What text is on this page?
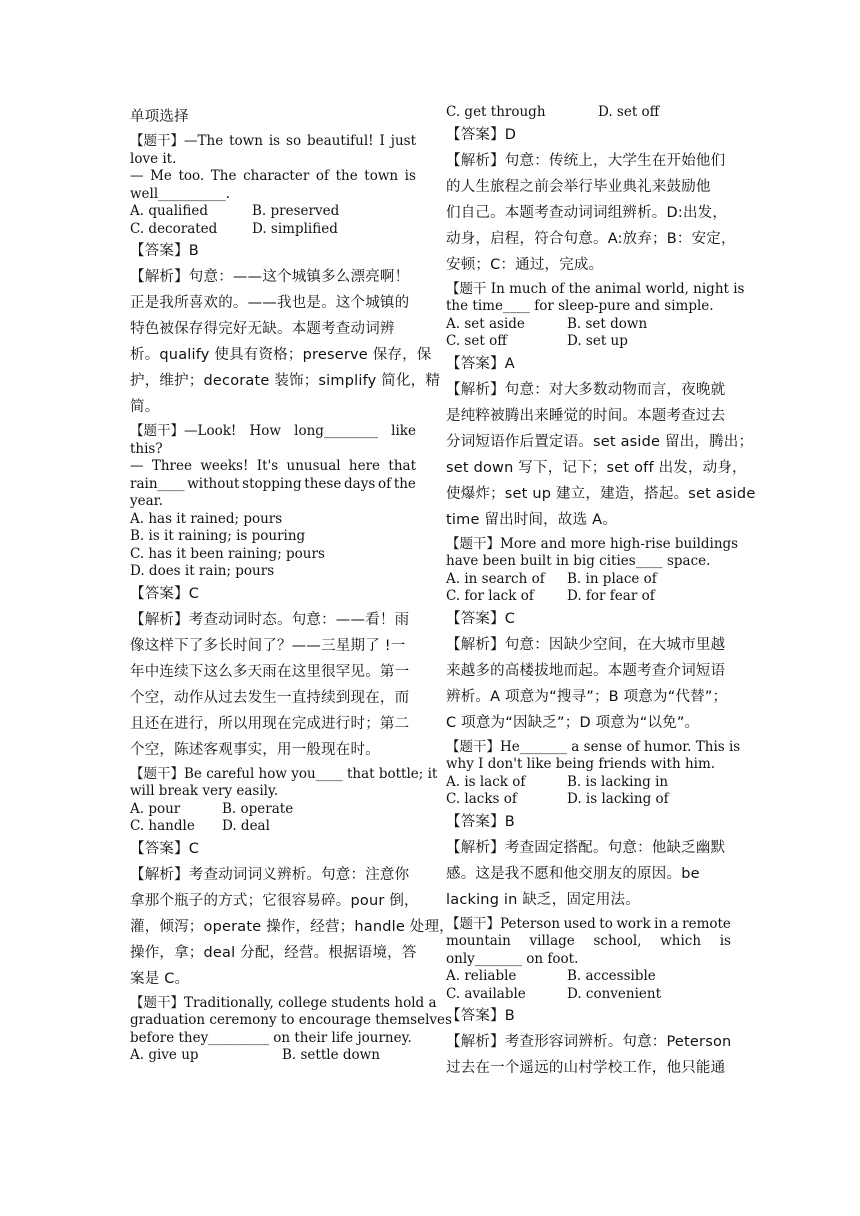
单项选择
【题干】—The town is so beautiful! I just
love it.
— Me too. The character of the town is
well__________.
A. qualified	B. preserved
C. decorated	D. simplified
【答案】B
【解析】句意：——这个城镇多么漂亮啊！
正是我所喜欢的。——我也是。这个城镇的
特色被保存得完好无缺。本题考查动词辨
析。qualify 使具有资格；preserve 保存，保
护，维护；decorate 装饰；simplify 简化，精
简。
【题干】—Look! How long________ like
this?
— Three weeks! It's unusual here that
rain____ without stopping these days of the
year.
A. has it rained; pours
B. is it raining; is pouring
C. has it been raining; pours
D. does it rain; pours
【答案】C
【解析】考查动词时态。句意：——看！雨
像这样下了多长时间了？——三星期了 !一
年中连续下这么多天雨在这里很罕见。第一
个空，动作从过去发生一直持续到现在，而
且还在进行，所以用现在完成进行时；第二
个空，陈述客观事实，用一般现在时。
【题干】Be careful how you____ that bottle; it
will break very easily.
A. pour	B. operate
C. handle	D. deal
【答案】C
【解析】考查动词词义辨析。句意：注意你
拿那个瓶子的方式；它很容易碎。pour 倒，
灌，倾泻；operate 操作，经营；handle 处理，
操作，拿；deal 分配，经营。根据语境，答
案是 C。
【题干】Traditionally, college students hold a
graduation ceremony to encourage themselves
before they_________ on their life journey.
A. give up	B. settle down
C. get through	D. set off
【答案】D
【解析】句意：传统上，大学生在开始他们
的人生旅程之前会举行毕业典礼来鼓励他
们自己。本题考查动词词组辨析。D:出发，
动身，启程，符合句意。A:放弃；B：安定，
安顿；C：通过，完成。
【题干 In much of the animal world, night is
the time____ for sleep-pure and simple.
A. set aside	B. set down
C. set off	D. set up
【答案】A
【解析】句意：对大多数动物而言，夜晚就
是纯粹被腾出来睡觉的时间。本题考查过去
分词短语作后置定语。set aside 留出，腾出；
set down 写下，记下；set off 出发，动身，
使爆炸；set up 建立，建造，搭起。set aside
time 留出时间，故选 A。
【题干】More and more high-rise buildings
have been built in big cities____ space.
A. in search of	B. in place of
C. for lack of	D. for fear of
【答案】C
【解析】句意：因缺少空间，在大城市里越
来越多的高楼拔地而起。本题考查介词短语
辨析。A 项意为“搜寻”；B 项意为“代替”；
C 项意为“因缺乏”；D 项意为“以免”。
【题干】He_______ a sense of humor. This is
why I don't like being friends with him.
A. is lack of	B. is lacking in
C. lacks of	D. is lacking of
【答案】B
【解析】考查固定搭配。句意：他缺乏幽默
感。这是我不愿和他交朋友的原因。be
lacking in 缺乏，固定用法。
【题干】Peterson used to work in a remote
mountain village school, which is
only_______ on foot.
A. reliable	B. accessible
C. available	D. convenient
【答案】B
【解析】考查形容词辨析。句意：Peterson
过去在一个遥远的山村学校工作，他只能通
